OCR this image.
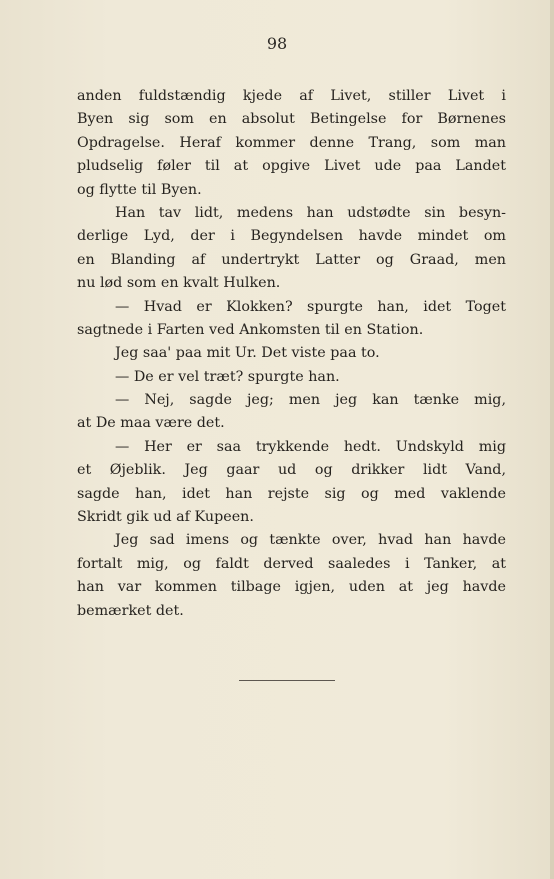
98
anden fuldstændig kjede af Livet, stiller Livet i
Byen sig som en absolut Betingelse for Børnenes
Opdragelse. Heraf kommer denne Trang, som man
pludselig føler til at opgive Livet ude paa Landet
og flytte til Byen.
Han tav lidt, medens han udstødte sin besyn-
derlige Lyd, der i Begyndelsen havde mindet om
en Blanding af undertrykt Latter og Graad, men
nu lød som en kvalt Hulken.
— Hvad er Klokken? spurgte han, idet Toget
sagtnede i Farten ved Ankomsten til en Station.
Jeg saa' paa mit Ur. Det viste paa to.
— De er vel træt? spurgte han.
— Nej, sagde jeg; men jeg kan tænke mig,
at De maa være det.
— Her er saa trykkende hedt. Undskyld mig
et Øjeblik. Jeg gaar ud og drikker lidt Vand,
sagde han, idet han rejste sig og med vaklende
Skridt gik ud af Kupeen.
Jeg sad imens og tænkte over, hvad han havde
fortalt mig, og faldt derved saaledes i Tanker, at
han var kommen tilbage igjen, uden at jeg havde
bemærket det.
